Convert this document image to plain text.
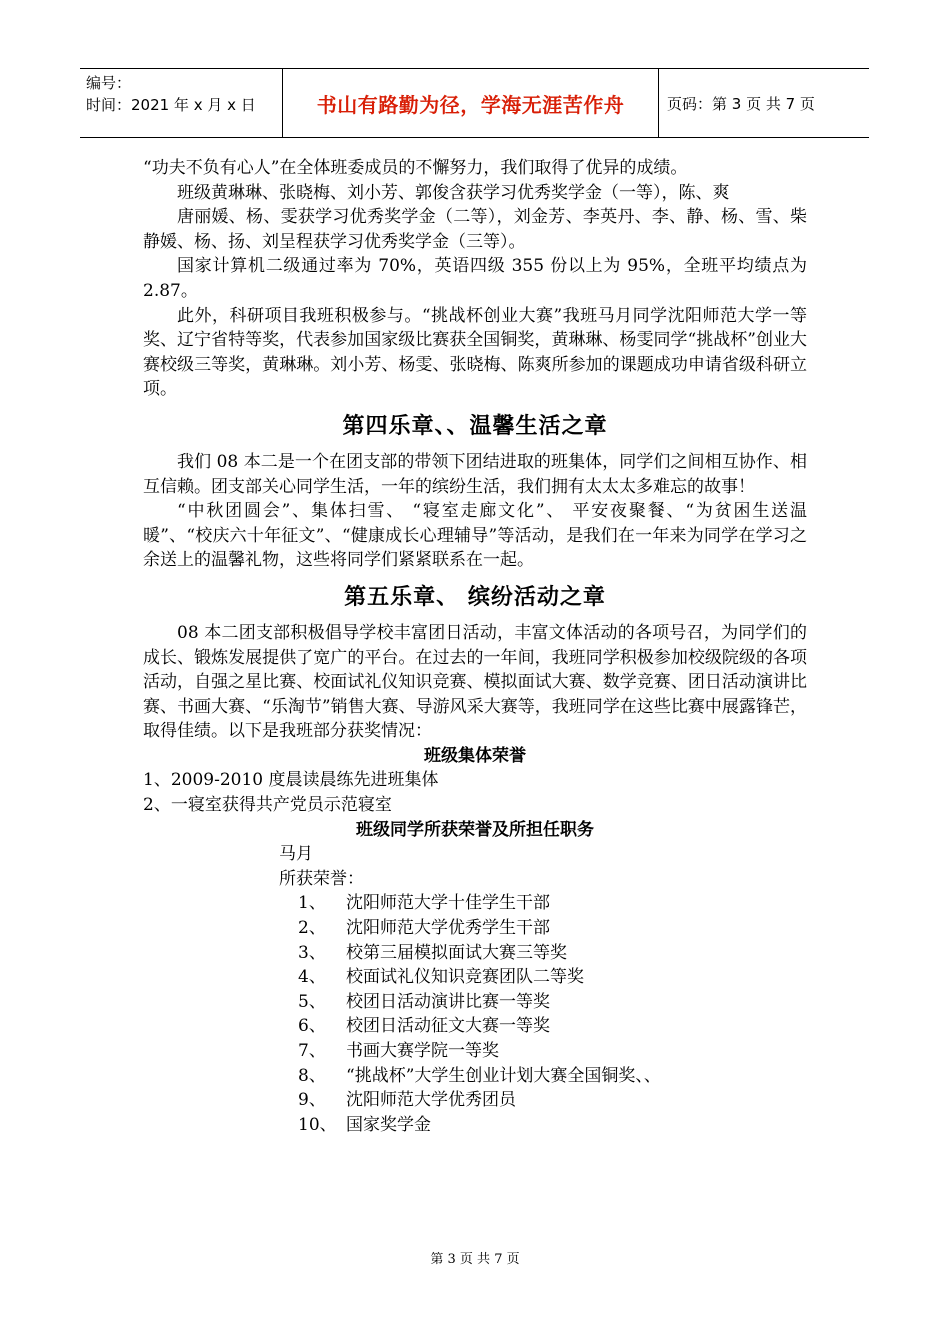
编号：
时间：2021 年 x 月 x 日	书山有路勤为径，学海无涯苦作舟	页码：第 3 页 共 7 页

“功夫不负有心人”在全体班委成员的不懈努力，我们取得了优异的成绩。

班级黄琳琳、张晓梅、刘小芳、郭俊含获学习优秀奖学金（一等），陈、爽

唐丽媛、杨、雯获学习优秀奖学金（二等），刘金芳、李英丹、李、静、杨、雪、柴静媛、杨、扬、刘呈程获学习优秀奖学金（三等）。

国家计算机二级通过率为 70%，英语四级 355 份以上为 95%，全班平均绩点为 2.87。

此外，科研项目我班积极参与。“挑战杯创业大赛”我班马月同学沈阳师范大学一等奖、辽宁省特等奖，代表参加国家级比赛获全国铜奖，黄琳琳、杨雯同学“挑战杯”创业大赛校级三等奖，黄琳琳。刘小芳、杨雯、张晓梅、陈爽所参加的课题成功申请省级科研立项。

第四乐章、、温馨生活之章

我们 08 本二是一个在团支部的带领下团结进取的班集体，同学们之间相互协作、相互信赖。团支部关心同学生活，一年的缤纷生活，我们拥有太太太多难忘的故事！

“中秋团圆会”、集体扫雪、 “寝室走廊文化”、 平安夜聚餐、“为贫困生送温暖”、“校庆六十年征文”、“健康成长心理辅导”等活动，是我们在一年来为同学在学习之余送上的温馨礼物，这些将同学们紧紧联系在一起。

第五乐章、 缤纷活动之章

08 本二团支部积极倡导学校丰富团日活动，丰富文体活动的各项号召，为同学们的成长、锻炼发展提供了宽广的平台。在过去的一年间，我班同学积极参加校级院级的各项活动，自强之星比赛、校面试礼仪知识竞赛、模拟面试大赛、数学竞赛、团日活动演讲比赛、书画大赛、“乐淘节”销售大赛、导游风采大赛等，我班同学在这些比赛中展露锋芒，取得佳绩。以下是我班部分获奖情况：

班级集体荣誉
1、2009-2010 度晨读晨练先进班集体
2、一寝室获得共产党员示范寝室
班级同学所获荣誉及所担任职务
马月
所获荣誉：
1、	沈阳师范大学十佳学生干部
2、	沈阳师范大学优秀学生干部
3、	校第三届模拟面试大赛三等奖
4、	校面试礼仪知识竞赛团队二等奖
5、	校团日活动演讲比赛一等奖
6、	校团日活动征文大赛一等奖
7、	书画大赛学院一等奖
8、	“挑战杯”大学生创业计划大赛全国铜奖、、
9、	沈阳师范大学优秀团员
10、 国家奖学金
第 3 页 共 7 页
